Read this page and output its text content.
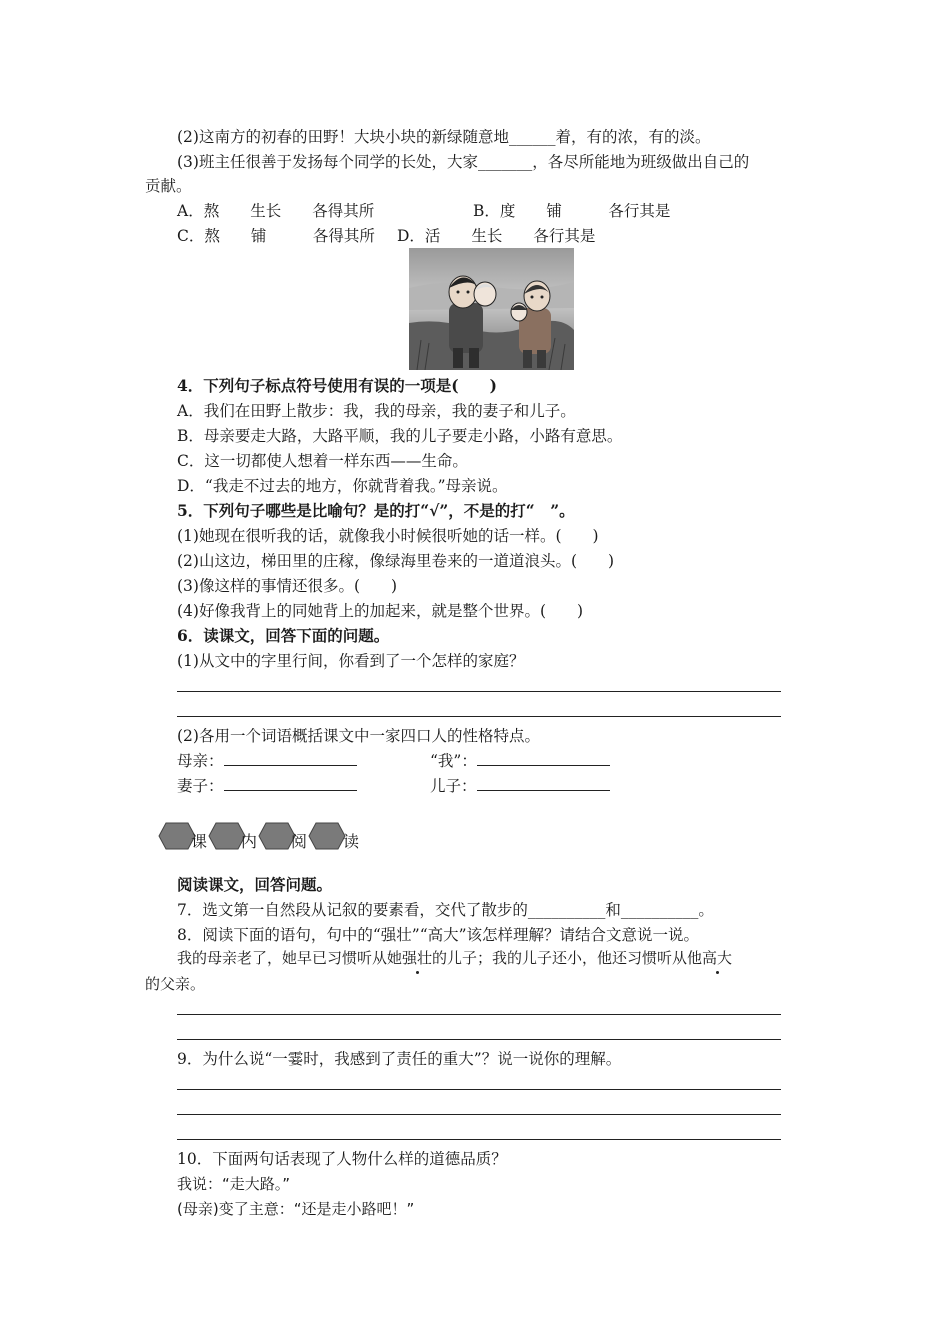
(2)这南方的初春的田野！大块小块的新绿随意地______着，有的浓，有的淡。
(3)班主任很善于发扬每个同学的长处，大家_______，各尽所能地为班级做出自己的
贡献。
A．熬　　生长　　各得其所	B．度　　铺　　　各行其是
C．熬　　铺　　　各得其所 D．活　　生长　　各行其是
4．下列句子标点符号使用有误的一项是(　　)
A．我们在田野上散步：我，我的母亲，我的妻子和儿子。
B．母亲要走大路，大路平顺，我的儿子要走小路，小路有意思。
C．这一切都使人想着一样东西——生命。
D．“我走不过去的地方，你就背着我。”母亲说。
5．下列句子哪些是比喻句？是的打“√”，不是的打“　”。
(1)她现在很听我的话，就像我小时候很听她的话一样。(　　)
(2)山这边，梯田里的庄稼，像绿海里卷来的一道道浪头。(　　)
(3)像这样的事情还很多。(　　)
(4)好像我背上的同她背上的加起来，就是整个世界。(　　)
6．读课文，回答下面的问题。
(1)从文中的字里行间，你看到了一个怎样的家庭？
(2)各用一个词语概括课文中一家四口人的性格特点。
母亲：	“我”：
妻子：	儿子：
课 内 阅 读
阅读课文，回答问题。
7．选文第一自然段从记叙的要素看，交代了散步的__________和__________。
8．阅读下面的语句，句中的“强壮”“高大”该怎样理解？请结合文意说一说。
我的母亲老了，她早已习惯听从她强壮的儿子；我的儿子还小，他还习惯听从他高大
的父亲。
9．为什么说“一霎时，我感到了责任的重大”？说一说你的理解。
10．下面两句话表现了人物什么样的道德品质？
我说：“走大路。”
(母亲)变了主意：“还是走小路吧！”
